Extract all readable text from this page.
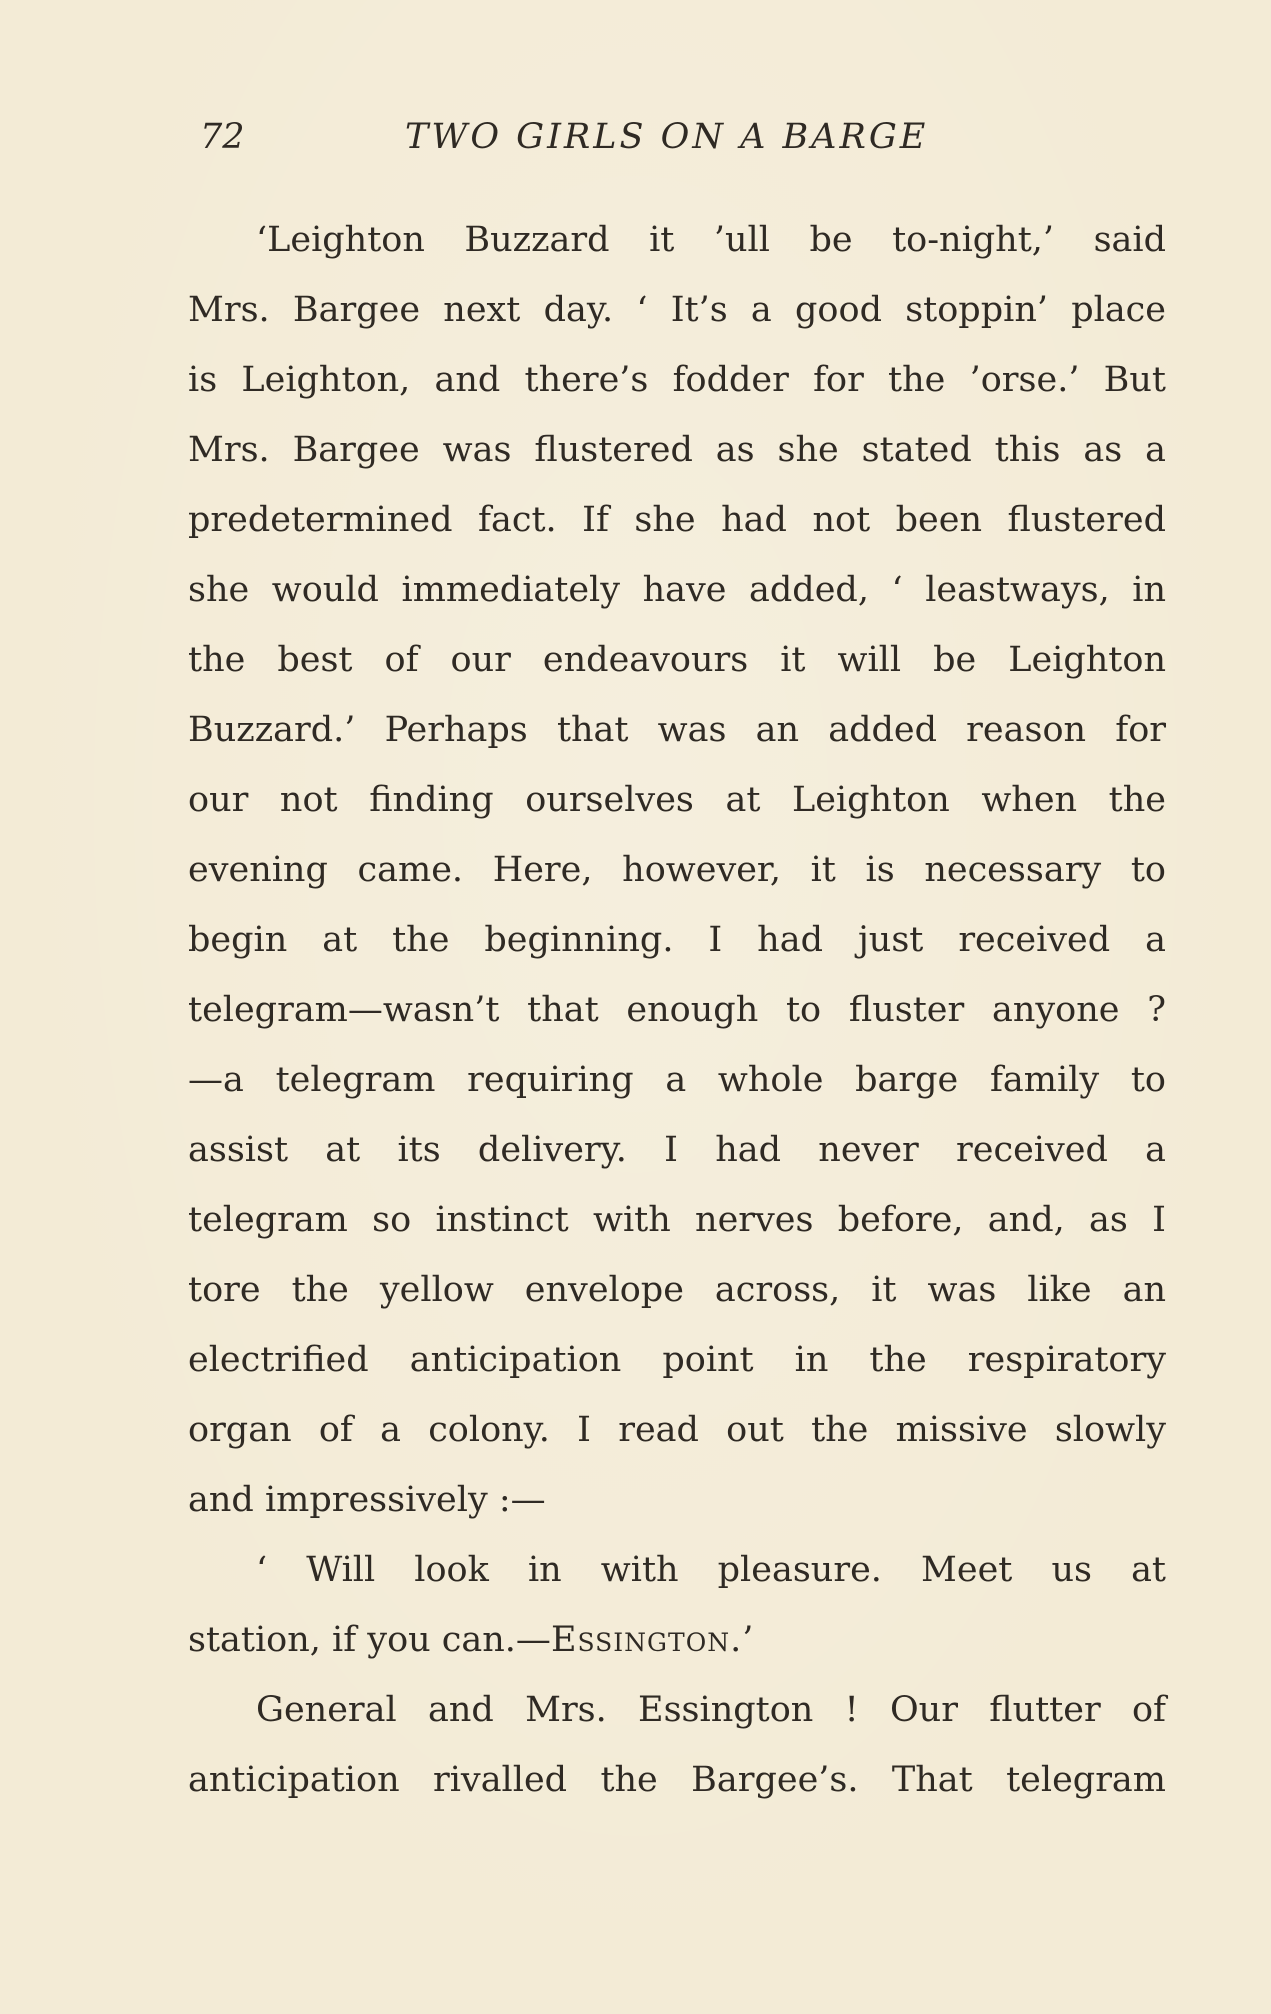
72	TWO GIRLS ON A BARGE
‘Leighton Buzzard it ’ull be to-night,’ said
Mrs. Bargee next day. ‘ It’s a good stoppin’ place
is Leighton, and there’s fodder for the ’orse.’ But
Mrs. Bargee was flustered as she stated this as a
predetermined fact. If she had not been flustered
she would immediately have added, ‘ leastways, in
the best of our endeavours it will be Leighton
Buzzard.’ Perhaps that was an added reason for
our not finding ourselves at Leighton when the
evening came. Here, however, it is necessary to
begin at the beginning. I had just received a
telegram—wasn’t that enough to fluster anyone ?
—a telegram requiring a whole barge family to
assist at its delivery. I had never received a
telegram so instinct with nerves before, and, as I
tore the yellow envelope across, it was like an
electrified anticipation point in the respiratory
organ of a colony. I read out the missive slowly
and impressively :—
‘ Will look in with pleasure. Meet us at
station, if you can.—Essington.’
General and Mrs. Essington ! Our flutter of
anticipation rivalled the Bargee’s. That telegram
